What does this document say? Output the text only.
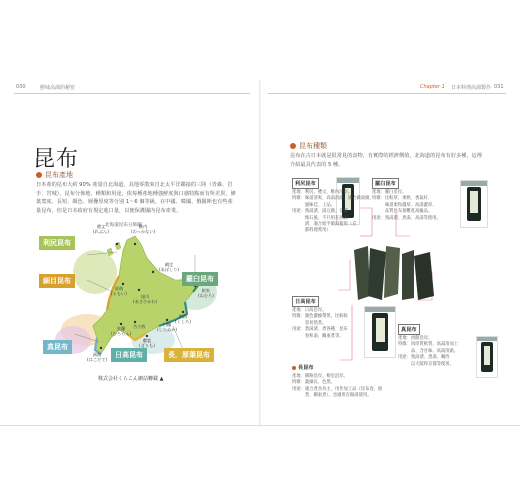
030	鮮味高湯的秘密	Chapter 1 日本料理高湯製作 031
昆布
昆布產地
日本產的昆布大約 90% 產量自北海道，其他零散來自北太平洋鄰接的三陸（青森、岩手、宮城），昆布分佈地、種類和用途，依每種產地種強鮮度與口感特點而有所差異，條葉寬度、長短、顏色、層疊厚度等分別 1～6 個等級，在中國、韓國、俄羅斯也有些產量昆布，但是日本政府有規定進口量，以便保護國內昆布產業。
北海道昆布分佈圖
利尻昆布
細目昆布	羅臼昆布
真昆布
日高昆布	長．厚葉昆布
禮文
(れぶん)
稚内
(わっかない)
留萌
(るもい)
網走
(あばしり)
旭川
(あさひかわ)
釧路
(くしろ)
根室
(ねむろ)
室蘭
(むろらん)
苫小牧
函館
(はこだて)
白糠
(しらぬか)
襟裳
(えりも)
株式会社くらこん網站轉載 ▲
昆布種類
昆布在古日本就是很常見的食物，有實際的經濟價值，北海道的昆布有好多種，這裡介紹最具代表的 5 種。
利尻昆布
產地：利尻、禮文、稚內沿岸。
特徵：味道清爽、高湯清澈、適合做湯頭、
　　　風味佳、上品。
用途：熟湯漬、湯豆腐、京都
　　　懷石風、不只用在熟湯
　　　漬、適合給手做湯使用（京
　　　都料理愛用）
羅臼昆布
產地：羅臼沿岸。
特徵：比較厚、柔軟、香氣好、
　　　味道柔和濃厚、高湯濃厚、
　　　品質昆布很難產高級品。
用途：熟湯漬、煮湯、高湯等使用。
日高昆布
產地：日高沿岸。
特徵：顏色濃綠帶黑、比較較
　　　容易熬煮。
用途：煮湯漬、煮各種、昆布
　　　卷和湯、關東煮等。
真昆布
產地：函館沿岸。
特徵：肉厚質軟質、高湯清而上
　　　品、含甘味、高湯清澈。
用途：熟湯漬、煮湯、關西
　　　以大阪和京都等使用。
長昆布
產地：釧路沿岸、根室沿岸。
特徵：葉細長、色黑。
用途：適合煮食為主、用作加工品（昆布卷、佃
　　　煮、關東煮）。也適用在做湯使用。
